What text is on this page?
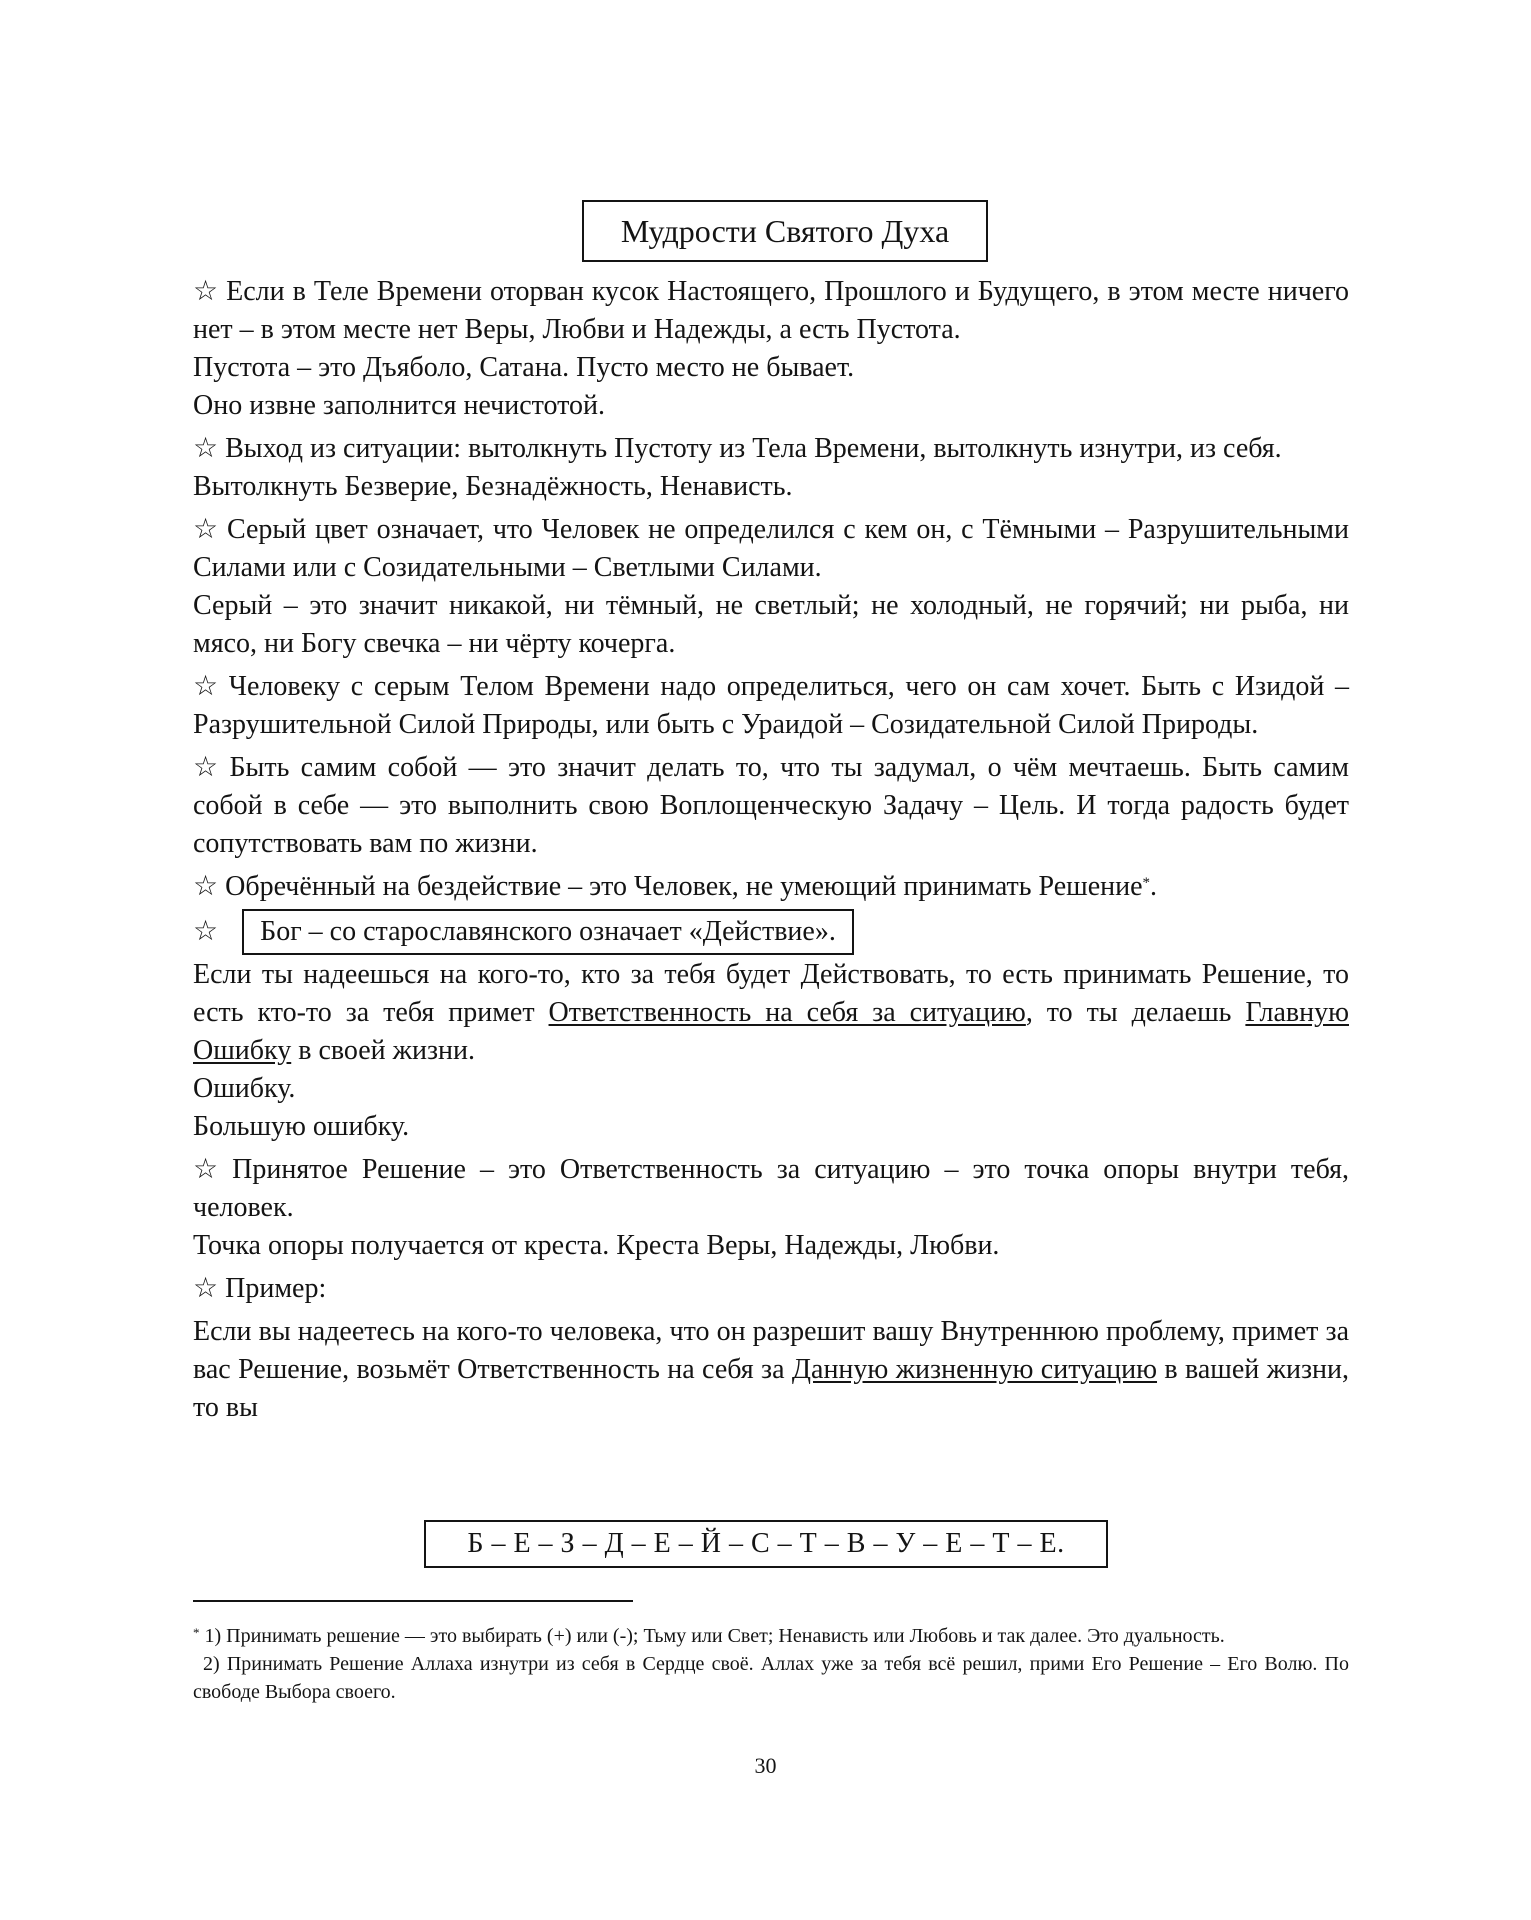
Мудрости Святого Духа

☆ Если в Теле Времени оторван кусок Настоящего, Прошлого и Будущего, в этом месте ничего нет – в этом месте нет Веры, Любви и Надежды, а есть Пустота.

Пустота – это Дъяболо, Сатана. Пусто место не бывает.

Оно извне заполнится нечистотой.

☆ Выход из ситуации: вытолкнуть Пустоту из Тела Времени, вытолкнуть изнутри, из себя.

Вытолкнуть Безверие, Безнадёжность, Ненависть.

☆ Серый цвет означает, что Человек не определился с кем он, с Тёмными – Разрушительными Силами или с Созидательными – Светлыми Силами.

Серый – это значит никакой, ни тёмный, не светлый; не холодный, не горячий; ни рыба, ни мясо, ни Богу свечка – ни чёрту кочерга.

☆ Человеку с серым Телом Времени надо определиться, чего он сам хочет. Быть с Изидой – Разрушительной Силой Природы, или быть с Ураидой – Созидательной Силой Природы.

☆ Быть самим собой — это значит делать то, что ты задумал, о чём мечтаешь. Быть самим собой в себе — это выполнить свою Воплощенческую Задачу – Цель. И тогда радость будет сопутствовать вам по жизни.

☆ Обречённый на бездействие – это Человек, не умеющий принимать Решение*.

☆	Бог – со старославянского означает «Действие».

Если ты надеешься на кого-то, кто за тебя будет Действовать, то есть принимать Решение, то есть кто-то за тебя примет Ответственность на себя за ситуацию, то ты делаешь Главную Ошибку в своей жизни.

Ошибку.

Большую ошибку.

☆ Принятое Решение – это Ответственность за ситуацию – это точка опоры внутри тебя, человек.

Точка опоры получается от креста. Креста Веры, Надежды, Любви.

☆ Пример:

Если вы надеетесь на кого-то человека, что он разрешит вашу Внутреннюю проблему, примет за вас Решение, возьмёт Ответственность на себя за Данную жизненную ситуацию в вашей жизни, то вы

Б – Е – З – Д – Е – Й – С – Т – В – У – Е – Т – Е.

* 1) Принимать решение — это выбирать (+) или (-); Тьму или Свет; Ненависть или Любовь и так далее. Это дуальность.

2) Принимать Решение Аллаха изнутри из себя в Сердце своё. Аллах уже за тебя всё решил, прими Его Решение – Его Волю. По свободе Выбора своего.

30
